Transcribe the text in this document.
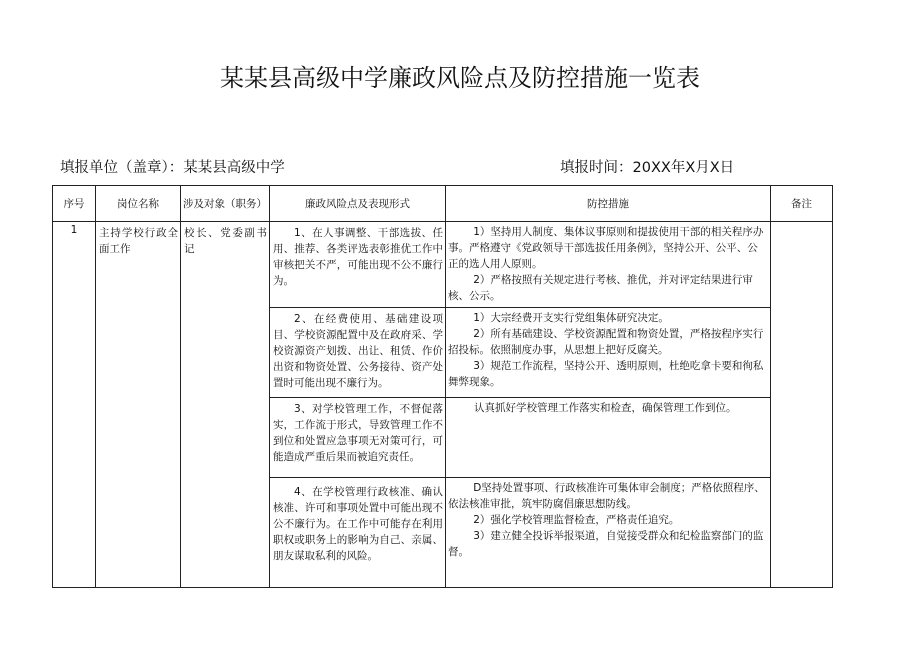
某某县高级中学廉政风险点及防控措施一览表
填报单位（盖章）：某某县高级中学	填报时间：20XX年X月X日
序号	岗位名称	涉及对象（职务）	廉政风险点及表现形式	防控措施	备注
1	主持学校行政全面工作	校长、党委副书记	1、在人事调整、干部选拔、任用、推荐、各类评选表彰推优工作中审核把关不严，可能出现不公不廉行为。	1）坚持用人制度、集体议事原则和提拔使用干部的相关程序办事。严格遵守《党政领导干部选拔任用条例》，坚持公开、公平、公正的选人用人原则。
2）严格按照有关规定进行考核、推优，并对评定结果进行审核、公示。	

			2、在经费使用、基础建设项目、学校资源配置中及在政府采、学校资源资产划拨、出让、租赁、作价出资和物资处置、公务接待、资产处置时可能出现不廉行为。	1）大宗经费开支实行党组集体研究决定。
2）所有基础建设、学校资源配置和物资处置，严格按程序实行招投标。依照制度办事，从思想上把好反腐关。
3）规范工作流程，坚持公开、透明原则，杜绝吃拿卡要和徇私舞弊现象。	

			3、对学校管理工作，不督促落实，工作流于形式，导致管理工作不到位和处置应急事项无对策可行，可能造成严重后果而被追究责任。	认真抓好学校管理工作落实和检查，确保管理工作到位。	

			4、在学校管理行政核准、确认核准、许可和事项处置中可能出现不公不廉行为。在工作中可能存在利用职权或职务上的影响为自己、亲属、朋友谋取私利的风险。	D坚持处置事项、行政核准许可集体审会制度；严格依照程序、依法核准审批，筑牢防腐倡廉思想防线。
2）强化学校管理监督检查，严格责任追究。
3）建立健全投诉举报渠道，自觉接受群众和纪检监察部门的监督。	
